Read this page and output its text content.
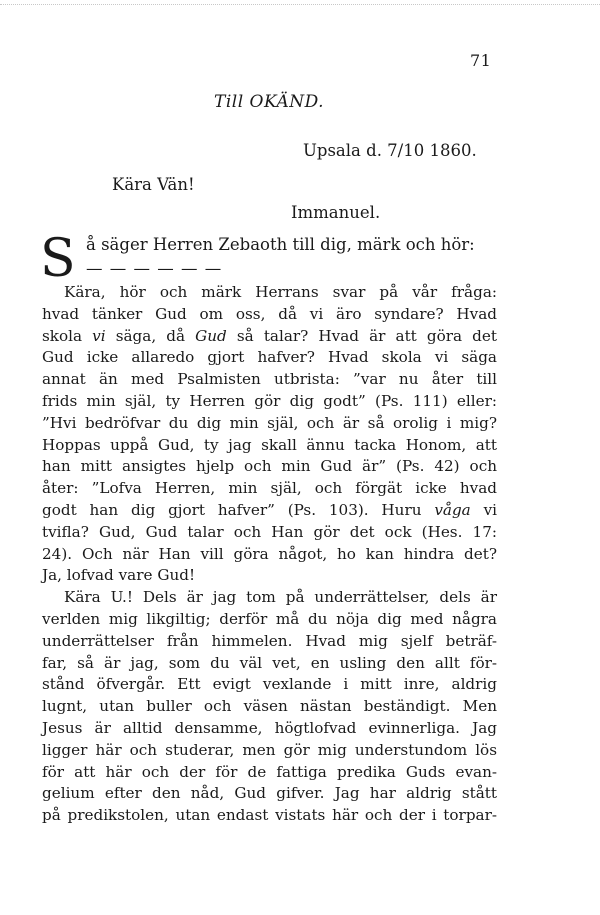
71
Till OKÄND.
Upsala d. 7/10 1860.
Kära Vän!
Immanuel.
S å säger Herren Zebaoth till dig, märk och hör:
— — — — — —
Kära, hör och märk Herrans svar på vår fråga:
hvad tänker Gud om oss, då vi äro syndare? Hvad
skola vi säga, då Gud så talar? Hvad är att göra det
Gud icke allaredo gjort hafver? Hvad skola vi säga
annat än med Psalmisten utbrista: ”var nu åter till
frids min själ, ty Herren gör dig godt” (Ps. 111) eller:
”Hvi bedröfvar du dig min själ, och är så orolig i mig?
Hoppas uppå Gud, ty jag skall ännu tacka Honom, att
han mitt ansigtes hjelp och min Gud är” (Ps. 42) och
åter: ”Lofva Herren, min själ, och förgät icke hvad
godt han dig gjort hafver” (Ps. 103). Huru våga vi
tvifla? Gud, Gud talar och Han gör det ock (Hes. 17:
24). Och när Han vill göra något, ho kan hindra det?
Ja, lofvad vare Gud!
Kära U.! Dels är jag tom på underrättelser, dels är
verlden mig likgiltig; derför må du nöja dig med några
underrättelser från himmelen. Hvad mig sjelf beträf-
far, så är jag, som du väl vet, en usling den allt för-
stånd öfvergår. Ett evigt vexlande i mitt inre, aldrig
lugnt, utan buller och väsen nästan beständigt. Men
Jesus är alltid densamme, högtlofvad evinnerliga. Jag
ligger här och studerar, men gör mig understundom lös
för att här och der för de fattiga predika Guds evan-
gelium efter den nåd, Gud gifver. Jag har aldrig stått
på predikstolen, utan endast vistats här och der i torpar-
